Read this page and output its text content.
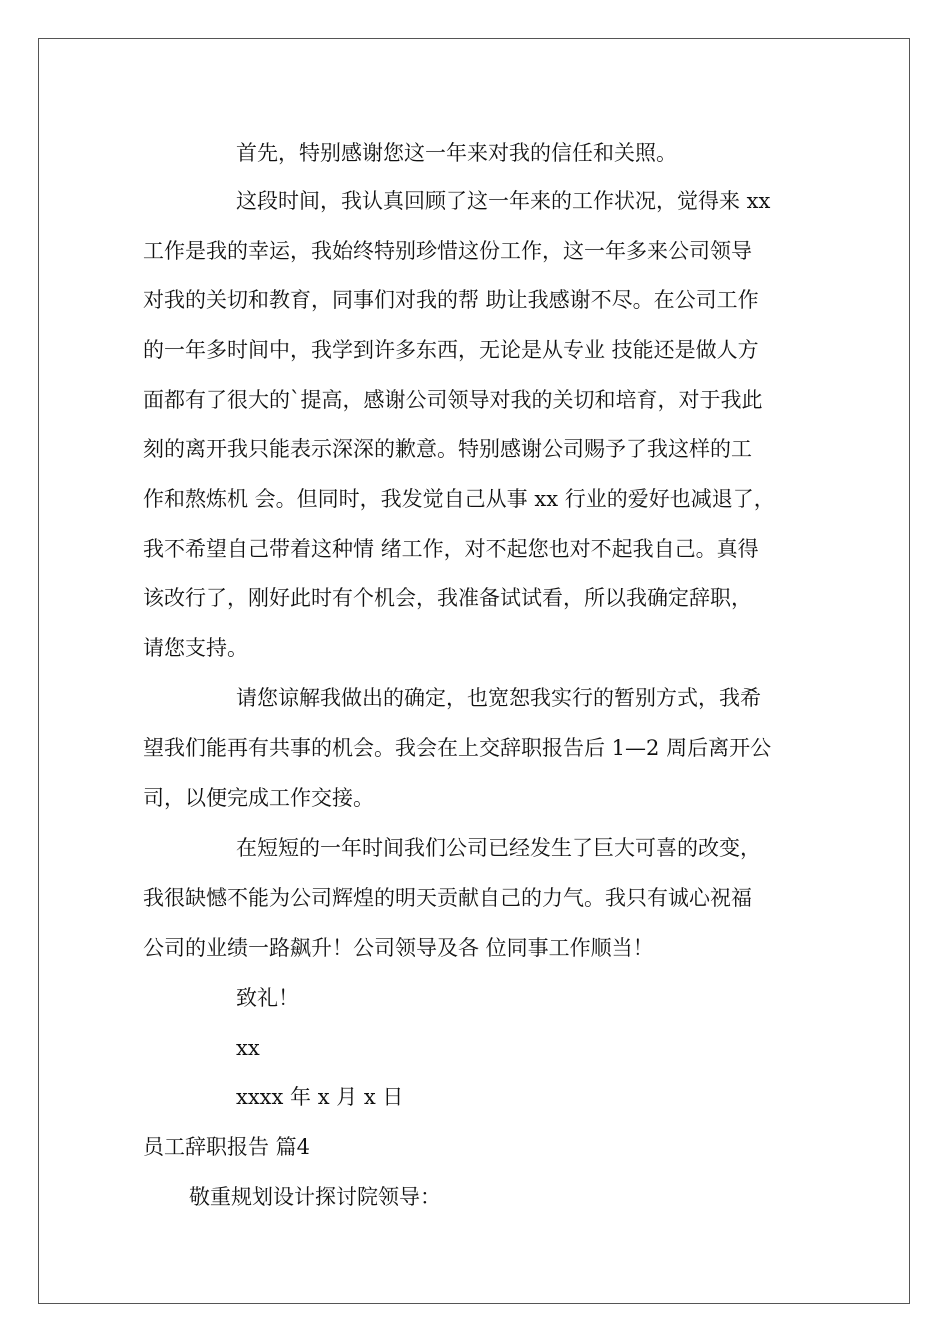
首先，特别感谢您这一年来对我的信任和关照。
这段时间，我认真回顾了这一年来的工作状况，觉得来 xx
工作是我的幸运，我始终特别珍惜这份工作，这一年多来公司领导
对我的关切和教育，同事们对我的帮 助让我感谢不尽。在公司工作
的一年多时间中，我学到许多东西，无论是从专业 技能还是做人方
面都有了很大的`提高，感谢公司领导对我的关切和培育，对于我此
刻的离开我只能表示深深的歉意。特别感谢公司赐予了我这样的工
作和熬炼机 会。但同时，我发觉自己从事 xx 行业的爱好也减退了，
我不希望自己带着这种情 绪工作，对不起您也对不起我自己。真得
该改行了，刚好此时有个机会，我准备试试看，所以我确定辞职，
请您支持。
请您谅解我做出的确定，也宽恕我实行的暂别方式，我希
望我们能再有共事的机会。我会在上交辞职报告后 1—2 周后离开公
司，以便完成工作交接。
在短短的一年时间我们公司已经发生了巨大可喜的改变，
我很缺憾不能为公司辉煌的明天贡献自己的力气。我只有诚心祝福
公司的业绩一路飙升！公司领导及各 位同事工作顺当！
致礼！
xx
xxxx 年 x 月 x 日
员工辞职报告 篇4
敬重规划设计探讨院领导：
